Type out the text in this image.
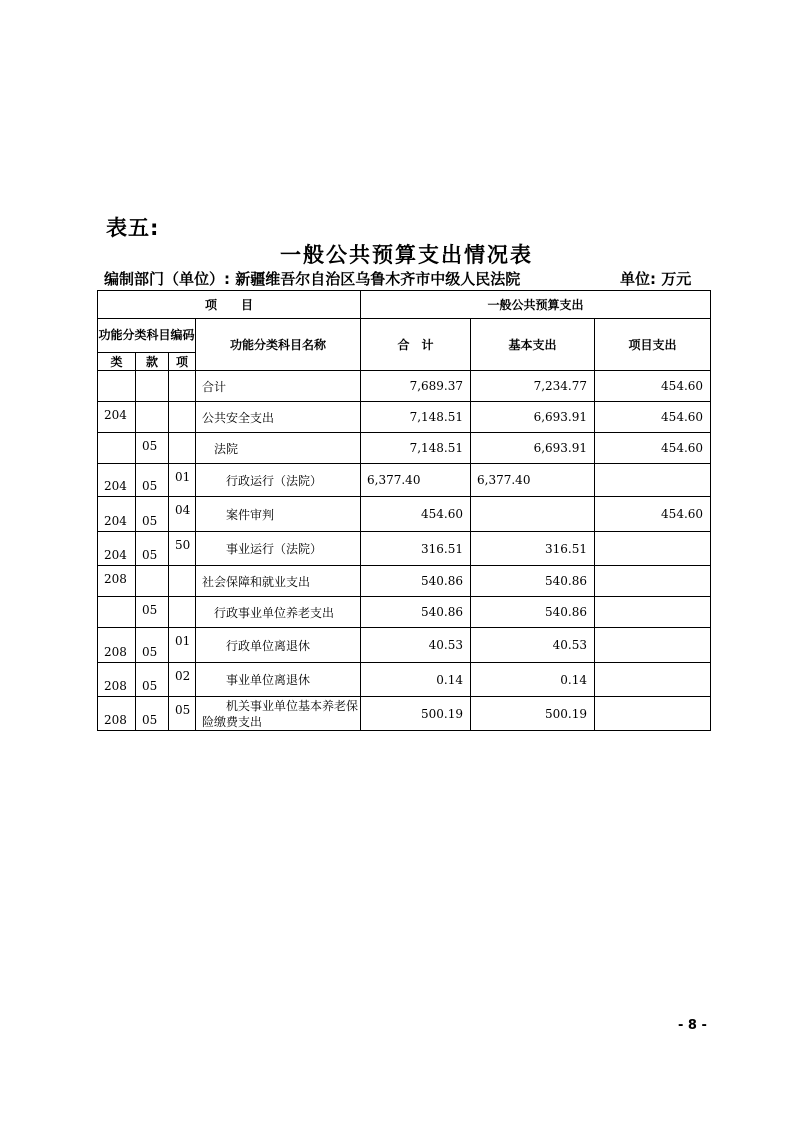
表五:
一般公共预算支出情况表
编制部门（单位）: 新疆维吾尔自治区乌鲁木齐市中级人民法院	单位: 万元
项　　目				一般公共预算支出		
功能分类科目编码			功能分类科目名称	合　计	基本支出	项目支出
类	款	项				
			合计	7,689.37	7,234.77	454.60
204			公共安全支出	7,148.51	6,693.91	454.60
	05		法院	7,148.51	6,693.91	454.60
204	05	01	行政运行（法院）	6,377.40	6,377.40	
204	05	04	案件审判	454.60		454.60
204	05	50	事业运行（法院）	316.51	316.51	
208			社会保障和就业支出	540.86	540.86	
	05		行政事业单位养老支出	540.86	540.86	
208	05	01	行政单位离退休	40.53	40.53	
208	05	02	事业单位离退休	0.14	0.14	
208	05	05	机关事业单位基本养老保险缴费支出	500.19	500.19	
- 8 -
